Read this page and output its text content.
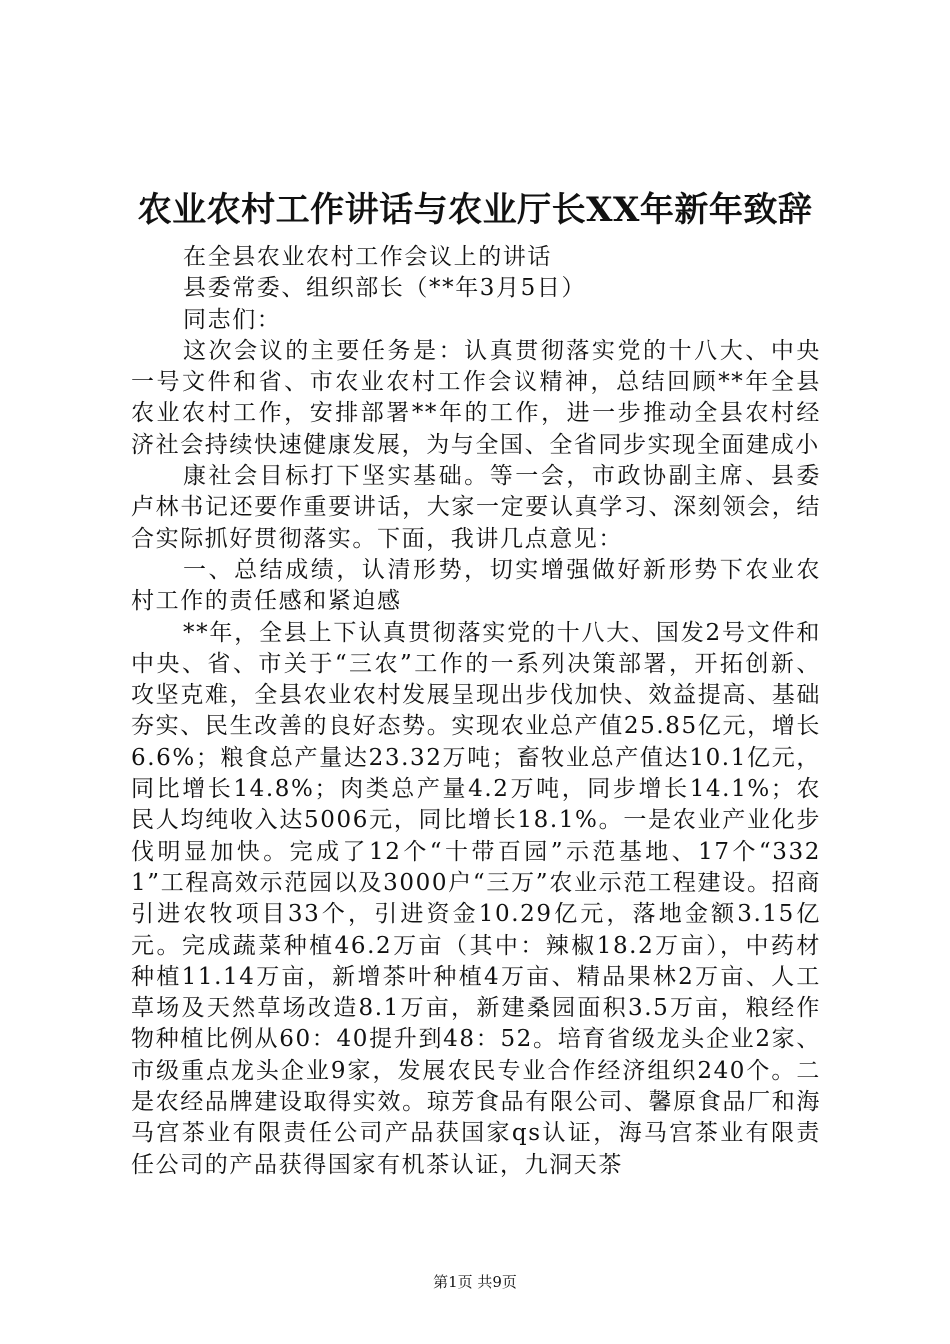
农业农村工作讲话与农业厅长XX年新年致辞

在全县农业农村工作会议上的讲话

县委常委、组织部长（**年3月5日）

同志们：

这次会议的主要任务是：认真贯彻落实党的十八大、中央一号文件和省、市农业农村工作会议精神，总结回顾**年全县农业农村工作，安排部署**年的工作，进一步推动全县农村经济社会持续快速健康发展，为与全国、全省同步实现全面建成小

康社会目标打下坚实基础。等一会，市政协副主席、县委卢林书记还要作重要讲话，大家一定要认真学习、深刻领会，结合实际抓好贯彻落实。下面，我讲几点意见：

一、总结成绩，认清形势，切实增强做好新形势下农业农村工作的责任感和紧迫感

**年，全县上下认真贯彻落实党的十八大、国发2号文件和中央、省、市关于“三农”工作的一系列决策部署，开拓创新、攻坚克难，全县农业农村发展呈现出步伐加快、效益提高、基础夯实、民生改善的良好态势。实现农业总产值25.85亿元，增长6.6%；粮食总产量达23.32万吨；畜牧业总产值达10.1亿元，同比增长14.8%；肉类总产量4.2万吨，同步增长14.1%；农民人均纯收入达5006元，同比增长18.1%。一是农业产业化步伐明显加快。完成了12个“十带百园”示范基地、17个“3321”工程高效示范园以及3000户“三万”农业示范工程建设。招商引进农牧项目33个，引进资金10.29亿元，落地金额3.15亿元。完成蔬菜种植46.2万亩（其中：辣椒18.2万亩），中药材种植11.14万亩，新增茶叶种植4万亩、精品果林2万亩、人工草场及天然草场改造8.1万亩，新建桑园面积3.5万亩，粮经作物种植比例从60：40提升到48：52。培育省级龙头企业2家、市级重点龙头企业9家，发展农民专业合作经济组织240个。二是农经品牌建设取得实效。琼芳食品有限公司、馨原食品厂和海马宫茶业有限责任公司产品获国家qs认证，海马宫茶业有限责任公司的产品获得国家有机茶认证，九洞天茶

第1页 共9页
